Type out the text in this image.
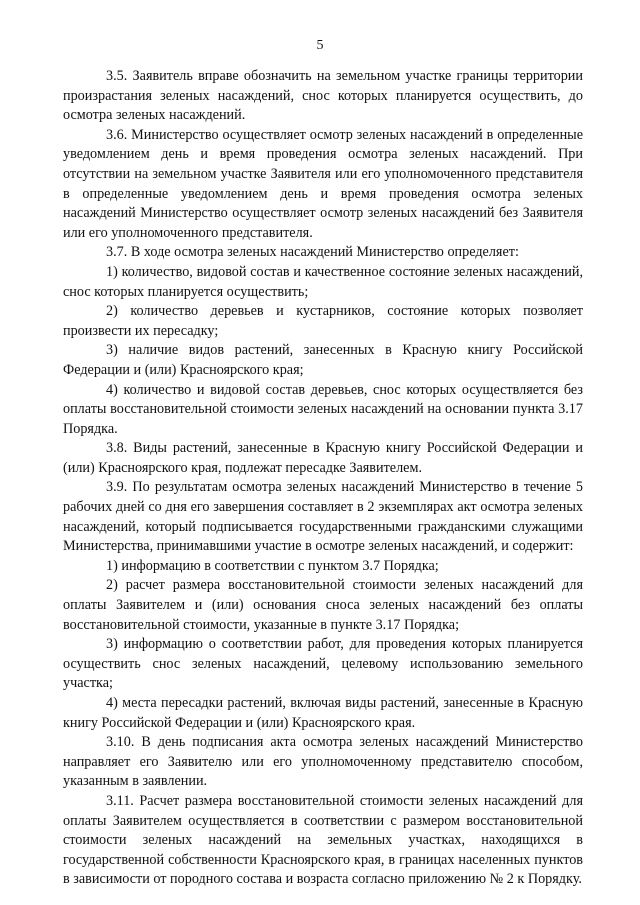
5

3.5. Заявитель вправе обозначить на земельном участке границы территории произрастания зеленых насаждений, снос которых планируется осуществить, до осмотра зеленых насаждений.

3.6. Министерство осуществляет осмотр зеленых насаждений в определенные уведомлением день и время проведения осмотра зеленых насаждений. При отсутствии на земельном участке Заявителя или его уполномоченного представителя в определенные уведомлением день и время проведения осмотра зеленых насаждений Министерство осуществляет осмотр зеленых насаждений без Заявителя или его уполномоченного представителя.

3.7. В ходе осмотра зеленых насаждений Министерство определяет:

1) количество, видовой состав и качественное состояние зеленых насаждений, снос которых планируется осуществить;

2) количество деревьев и кустарников, состояние которых позволяет произвести их пересадку;

3) наличие видов растений, занесенных в Красную книгу Российской Федерации и (или) Красноярского края;

4) количество и видовой состав деревьев, снос которых осуществляется без оплаты восстановительной стоимости зеленых насаждений на основании пункта 3.17 Порядка.

3.8. Виды растений, занесенные в Красную книгу Российской Федерации и (или) Красноярского края, подлежат пересадке Заявителем.

3.9. По результатам осмотра зеленых насаждений Министерство в течение 5 рабочих дней со дня его завершения составляет в 2 экземплярах акт осмотра зеленых насаждений, который подписывается государственными гражданскими служащими Министерства, принимавшими участие в осмотре зеленых насаждений, и содержит:

1) информацию в соответствии с пунктом 3.7 Порядка;

2) расчет размера восстановительной стоимости зеленых насаждений для оплаты Заявителем и (или) основания сноса зеленых насаждений без оплаты восстановительной стоимости, указанные в пункте 3.17 Порядка;

3) информацию о соответствии работ, для проведения которых планируется осуществить снос зеленых насаждений, целевому использованию земельного участка;

4) места пересадки растений, включая виды растений, занесенные в Красную книгу Российской Федерации и (или) Красноярского края.

3.10. В день подписания акта осмотра зеленых насаждений Министерство направляет его Заявителю или его уполномоченному представителю способом, указанным в заявлении.

3.11. Расчет размера восстановительной стоимости зеленых насаждений для оплаты Заявителем осуществляется в соответствии с размером восстановительной стоимости зеленых насаждений на земельных участках, находящихся в государственной собственности Красноярского края, в границах населенных пунктов в зависимости от породного состава и возраста согласно приложению № 2 к Порядку.
